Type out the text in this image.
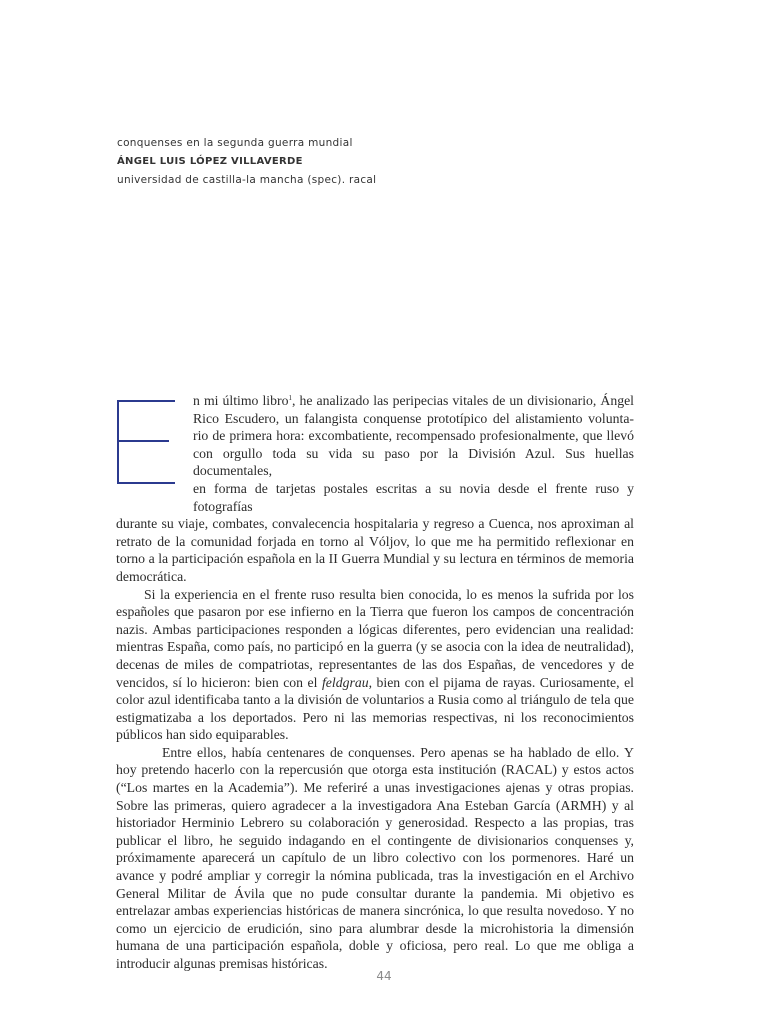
conquenses en la segunda guerra mundial
ÁNGEL LUIS LÓPEZ VILLAVERDE
universidad de castilla-la mancha (spec). racal

n mi último libro$^1$, he analizado las peripecias vitales de un divisionario, Ángel
Rico Escudero, un falangista conquense prototípico del alistamiento volunta-
rio de primera hora: excombatiente, recompensado profesionalmente, que llevó
con orgullo toda su vida su paso por la División Azul. Sus huellas documentales,
en forma de tarjetas postales escritas a su novia desde el frente ruso y fotografías
durante su viaje, combates, convalecencia hospitalaria y regreso a Cuenca, nos aproximan al retrato de la comunidad forjada en torno al Vóljov, lo que me ha permitido reflexionar en torno a la participación española en la II Guerra Mundial y su lectura en términos de memoria democrática.

Si la experiencia en el frente ruso resulta bien conocida, lo es menos la sufrida por los españoles que pasaron por ese infierno en la Tierra que fueron los campos de concentración nazis. Ambas participaciones responden a lógicas diferentes, pero evidencian una realidad: mientras España, como país, no participó en la guerra (y se asocia con la idea de neutralidad), decenas de miles de compatriotas, representantes de las dos Españas, de vencedores y de vencidos, sí lo hicieron: bien con el feldgrau, bien con el pijama de rayas. Curiosamente, el color azul identificaba tanto a la división de voluntarios a Rusia como al triángulo de tela que estigmatizaba a los deportados. Pero ni las memorias respectivas, ni los reconocimientos públicos han sido equiparables.

Entre ellos, había centenares de conquenses. Pero apenas se ha hablado de ello. Y hoy pretendo hacerlo con la repercusión que otorga esta institución (RACAL) y estos actos (“Los martes en la Academia”). Me referiré a unas investigaciones ajenas y otras propias. Sobre las primeras, quiero agradecer a la investigadora Ana Esteban García (ARMH) y al historiador Herminio Lebrero su colaboración y generosidad. Respecto a las propias, tras publicar el libro, he seguido indagando en el contingente de divisionarios conquenses y, próximamente aparecerá un capítulo de un libro colectivo con los pormenores. Haré un avance y podré ampliar y corregir la nómina publicada, tras la investigación en el Archivo General Militar de Ávila que no pude consultar durante la pandemia. Mi objetivo es entrelazar ambas experiencias históricas de manera sincrónica, lo que resulta novedoso. Y no como un ejercicio de erudición, sino para alumbrar desde la microhistoria la dimensión humana de una participación española, doble y oficiosa, pero real. Lo que me obliga a introducir algunas premisas históricas.

44
